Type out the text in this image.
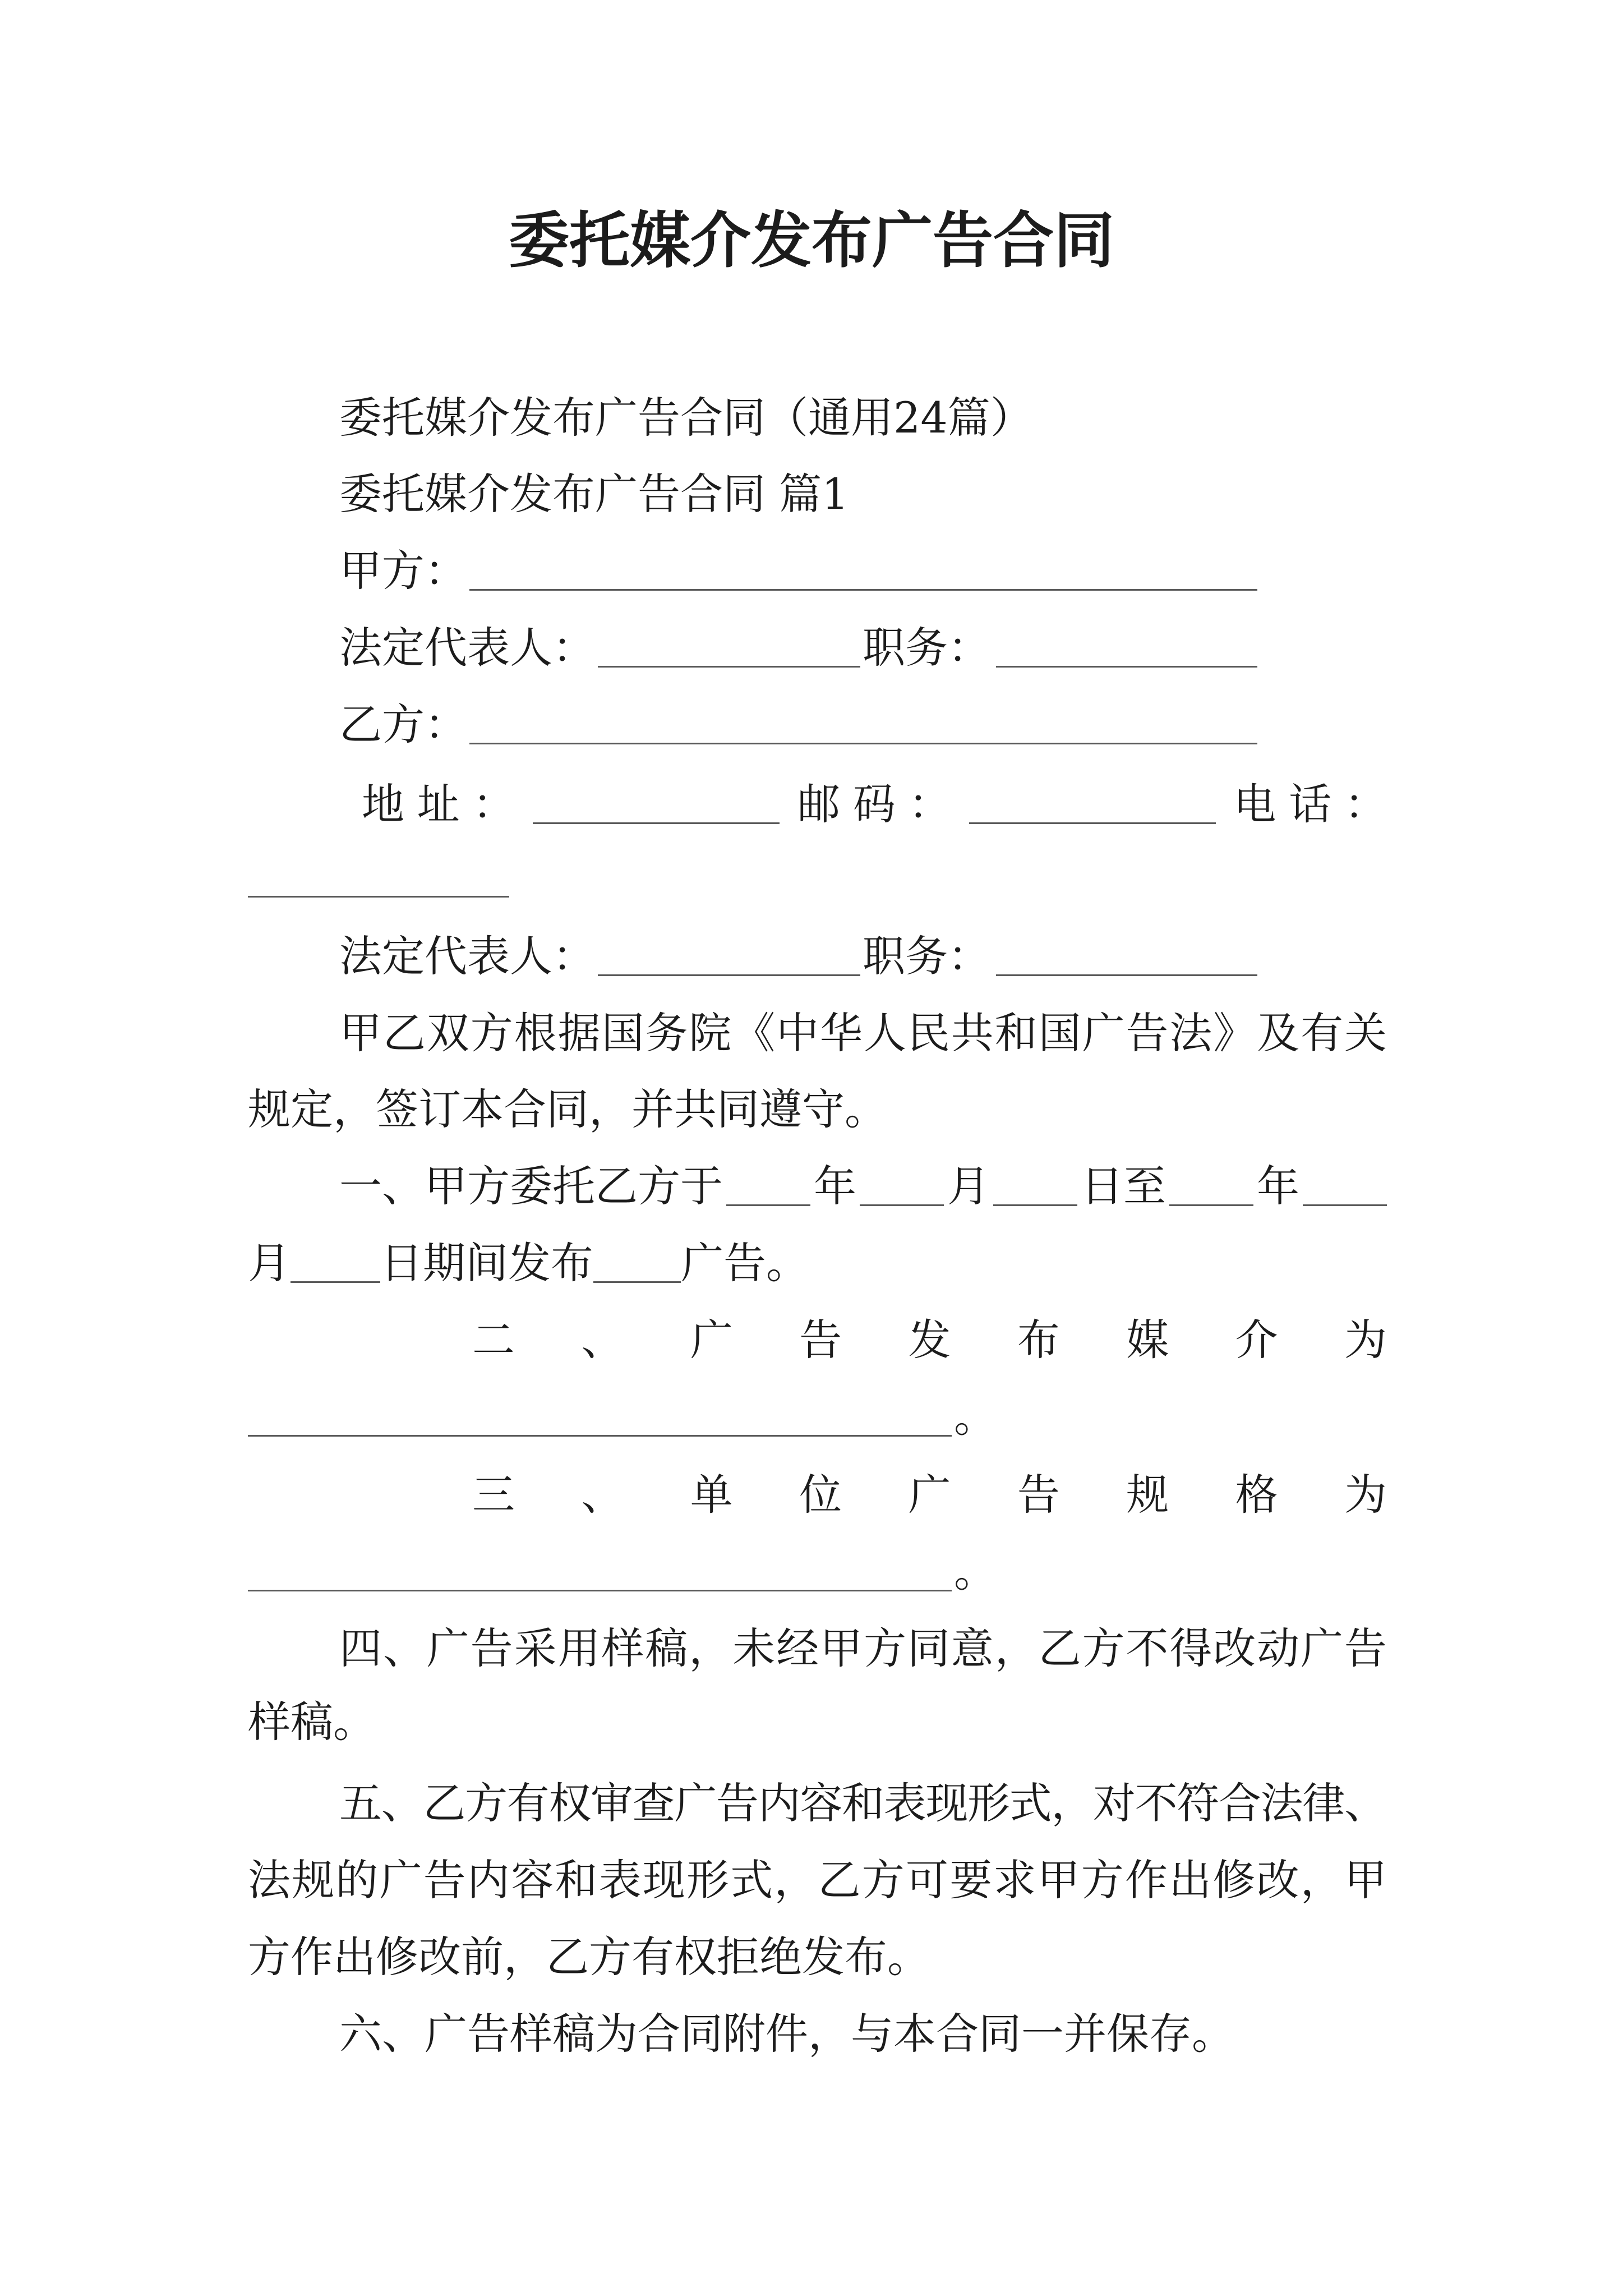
委托媒介发布广告合同
委托媒介发布广告合同（通用24篇）
委托媒介发布广告合同 篇1
甲方：
法定代表人：	职务：
乙方：
地址：	邮码：	电话：
法定代表人：	职务：
甲乙双方根据国务院《中华人民共和国广告法》及有关
规定，签订本合同，并共同遵守。
一、甲方委托乙方于 年 月 日至 年
月 日期间发布 广告。
二、广告发布媒介为
。
三、单位广告规格为
。
四、广告采用样稿，未经甲方同意，乙方不得改动广告
样稿。
五、乙方有权审查广告内容和表现形式，对不符合法律、
法规的广告内容和表现形式，乙方可要求甲方作出修改，甲
方作出修改前，乙方有权拒绝发布。
六、广告样稿为合同附件，与本合同一并保存。
